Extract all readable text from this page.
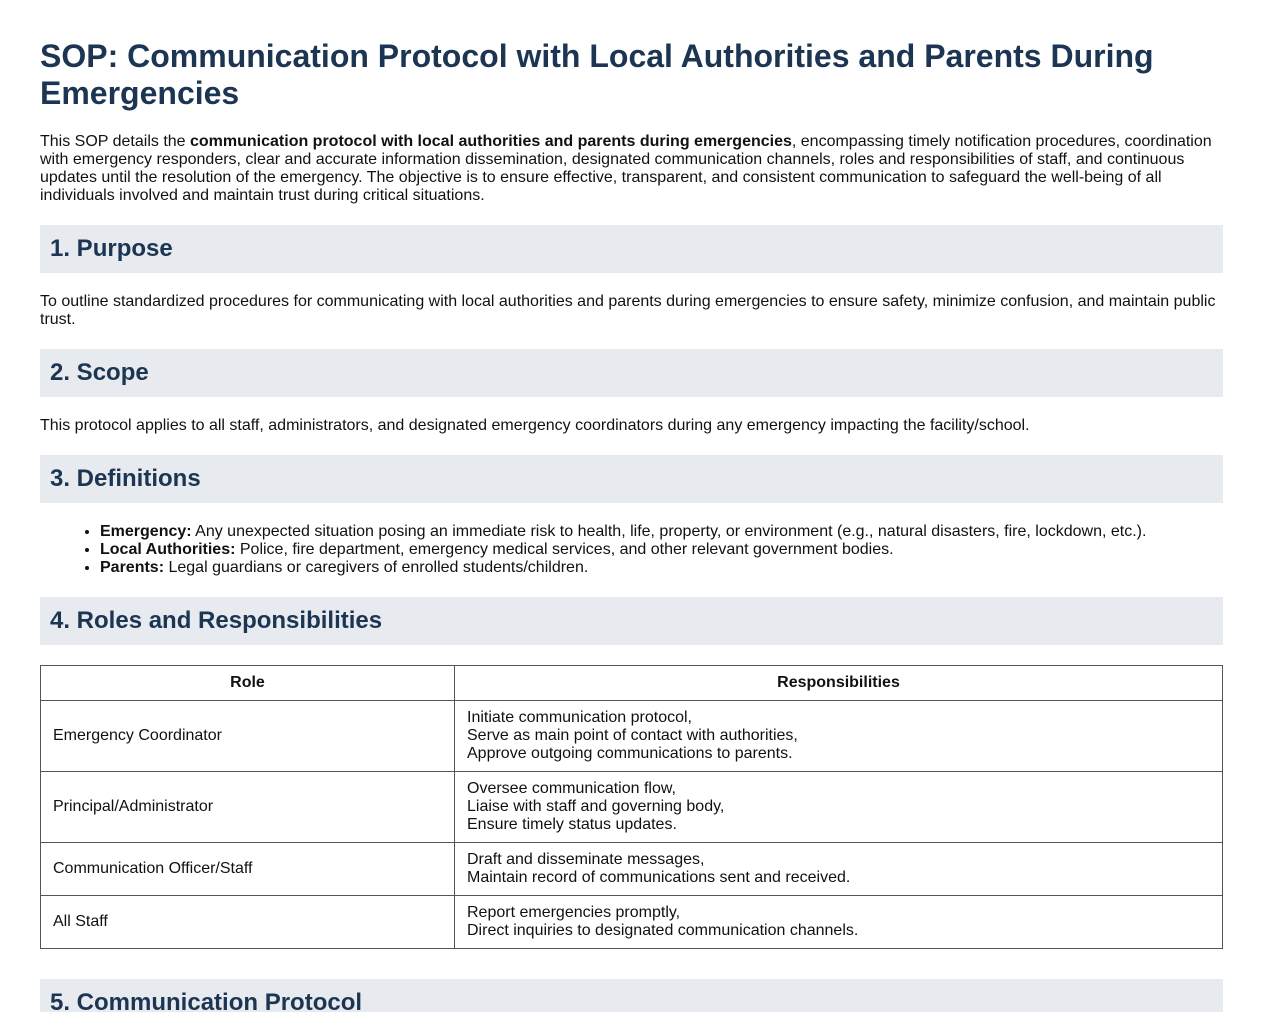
SOP: Communication Protocol with Local Authorities and Parents During Emergencies

This SOP details the communication protocol with local authorities and parents during emergencies, encompassing timely notification procedures, coordination with emergency responders, clear and accurate information dissemination, designated communication channels, roles and responsibilities of staff, and continuous updates until the resolution of the emergency. The objective is to ensure effective, transparent, and consistent communication to safeguard the well-being of all individuals involved and maintain trust during critical situations.

1. Purpose

To outline standardized procedures for communicating with local authorities and parents during emergencies to ensure safety, minimize confusion, and maintain public trust.

2. Scope

This protocol applies to all staff, administrators, and designated emergency coordinators during any emergency impacting the facility/school.

3. Definitions
• Emergency: Any unexpected situation posing an immediate risk to health, life, property, or environment (e.g., natural disasters, fire, lockdown, etc.).
• Local Authorities: Police, fire department, emergency medical services, and other relevant government bodies.
• Parents: Legal guardians or caregivers of enrolled students/children.
4. Roles and Responsibilities
Role	Responsibilities
Emergency Coordinator	Initiate communication protocol,
Serve as main point of contact with authorities,
Approve outgoing communications to parents.

Principal/Administrator	Oversee communication flow,
Liaise with staff and governing body,
Ensure timely status updates.

Communication Officer/Staff	Draft and disseminate messages,
Maintain record of communications sent and received.

All Staff	Report emergencies promptly,
Direct inquiries to designated communication channels.
5. Communication Protocol
